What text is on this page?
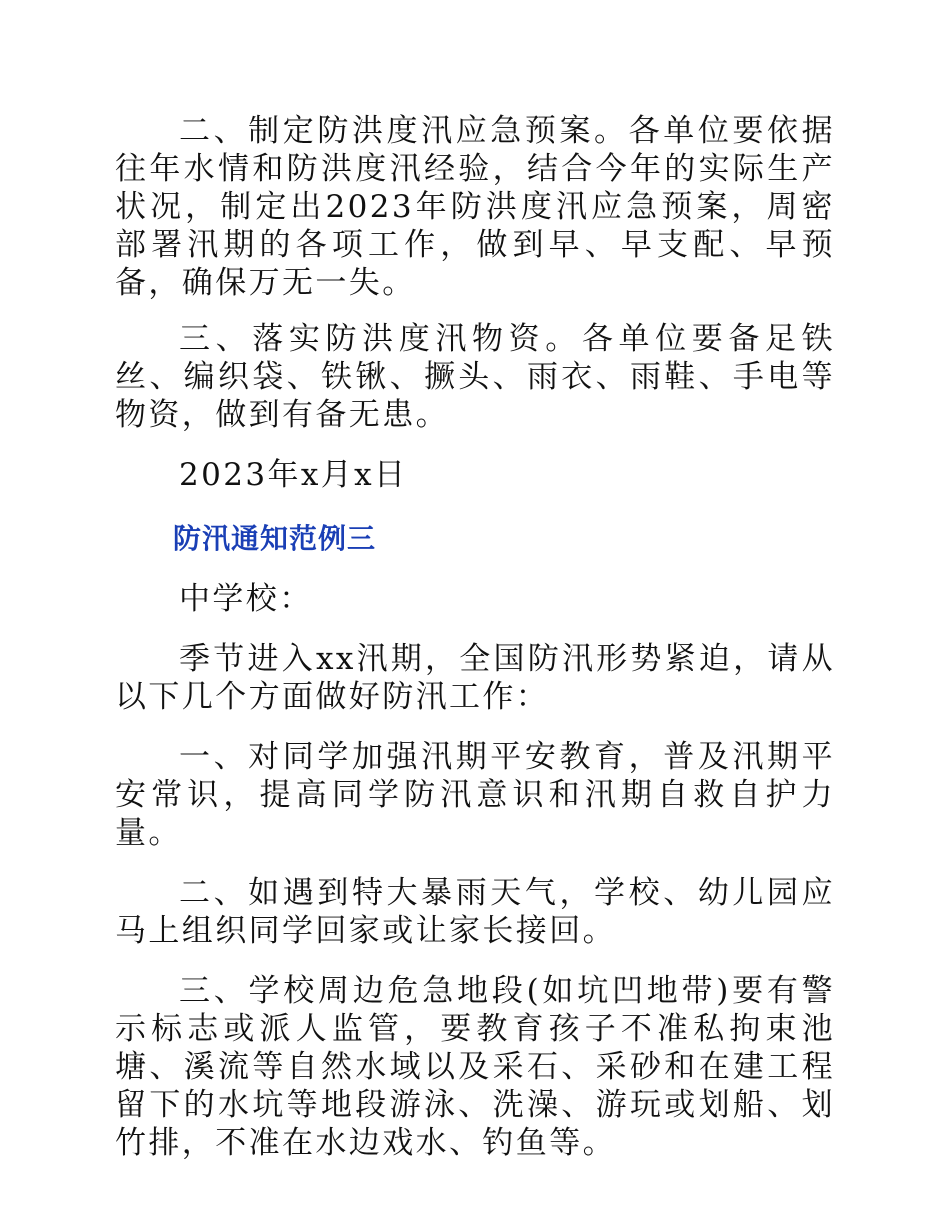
二、制定防洪度汛应急预案。各单位要依据往年水情和防洪度汛经验，结合今年的实际生产状况，制定出2023年防洪度汛应急预案，周密部署汛期的各项工作，做到早、早支配、早预备，确保万无一失。

三、落实防洪度汛物资。各单位要备足铁丝、编织袋、铁锹、撅头、雨衣、雨鞋、手电等物资，做到有备无患。

2023年x月x日

防汛通知范例三

中学校：

季节进入xx汛期，全国防汛形势紧迫，请从以下几个方面做好防汛工作：

一、对同学加强汛期平安教育，普及汛期平安常识，提高同学防汛意识和汛期自救自护力量。

二、如遇到特大暴雨天气，学校、幼儿园应马上组织同学回家或让家长接回。

三、学校周边危急地段(如坑凹地带)要有警示标志或派人监管，要教育孩子不准私拘束池塘、溪流等自然水域以及采石、采砂和在建工程留下的水坑等地段游泳、洗澡、游玩或划船、划竹排，不准在水边戏水、钓鱼等。
